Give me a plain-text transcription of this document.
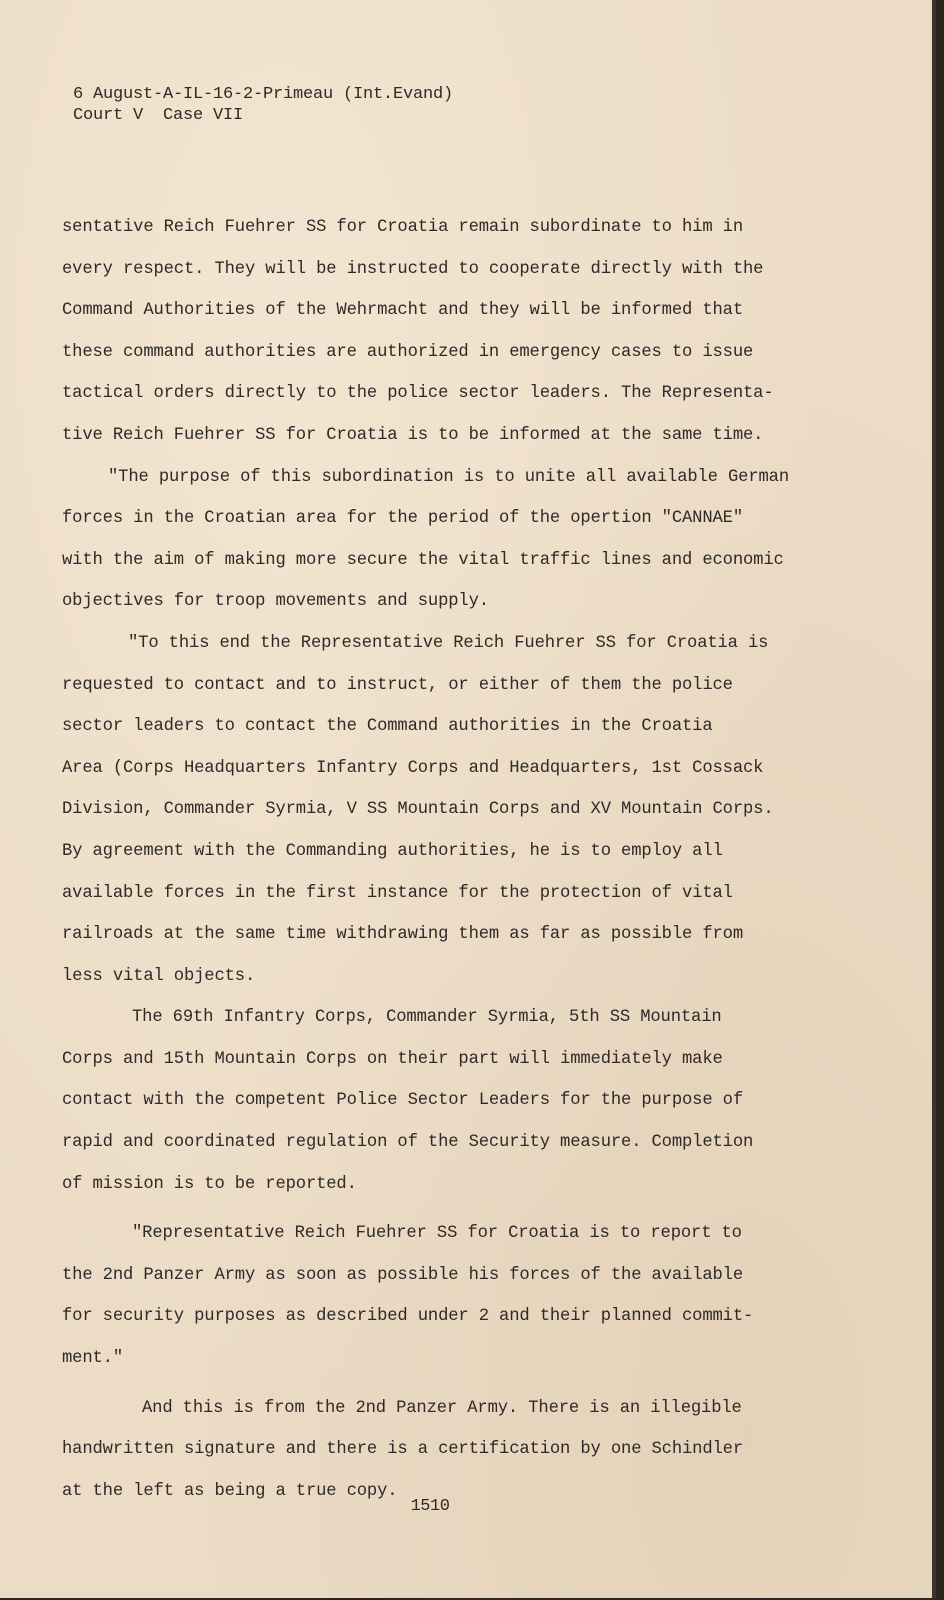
6 August-A-IL-16-2-Primeau (Int.Evand)
Court V  Case VII
sentative Reich Fuehrer SS for Croatia remain subordinate to him in
every respect. They will be instructed to cooperate directly with the
Command Authorities of the Wehrmacht and they will be informed that
these command authorities are authorized in emergency cases to issue
tactical orders directly to the police sector leaders. The Representa-
tive Reich Fuehrer SS for Croatia is to be informed at the same time.
"The purpose of this subordination is to unite all available German
forces in the Croatian area for the period of the opertion "CANNAE"
with the aim of making more secure the vital traffic lines and economic
objectives for troop movements and supply.
"To this end the Representative Reich Fuehrer SS for Croatia is
requested to contact and to instruct, or either of them the police
sector leaders to contact the Command authorities in the Croatia
Area (Corps Headquarters Infantry Corps and Headquarters, 1st Cossack
Division, Commander Syrmia, V SS Mountain Corps and XV Mountain Corps.
By agreement with the Commanding authorities, he is to employ all
available forces in the first instance for the protection of vital
railroads at the same time withdrawing them as far as possible from
less vital objects.
The 69th Infantry Corps, Commander Syrmia, 5th SS Mountain
Corps and 15th Mountain Corps on their part will immediately make
contact with the competent Police Sector Leaders for the purpose of
rapid and coordinated regulation of the Security measure. Completion
of mission is to be reported.
"Representative Reich Fuehrer SS for Croatia is to report to
the 2nd Panzer Army as soon as possible his forces of the available
for security purposes as described under 2 and their planned commit-
ment."
And this is from the 2nd Panzer Army. There is an illegible
handwritten signature and there is a certification by one Schindler
at the left as being a true copy.
1510
